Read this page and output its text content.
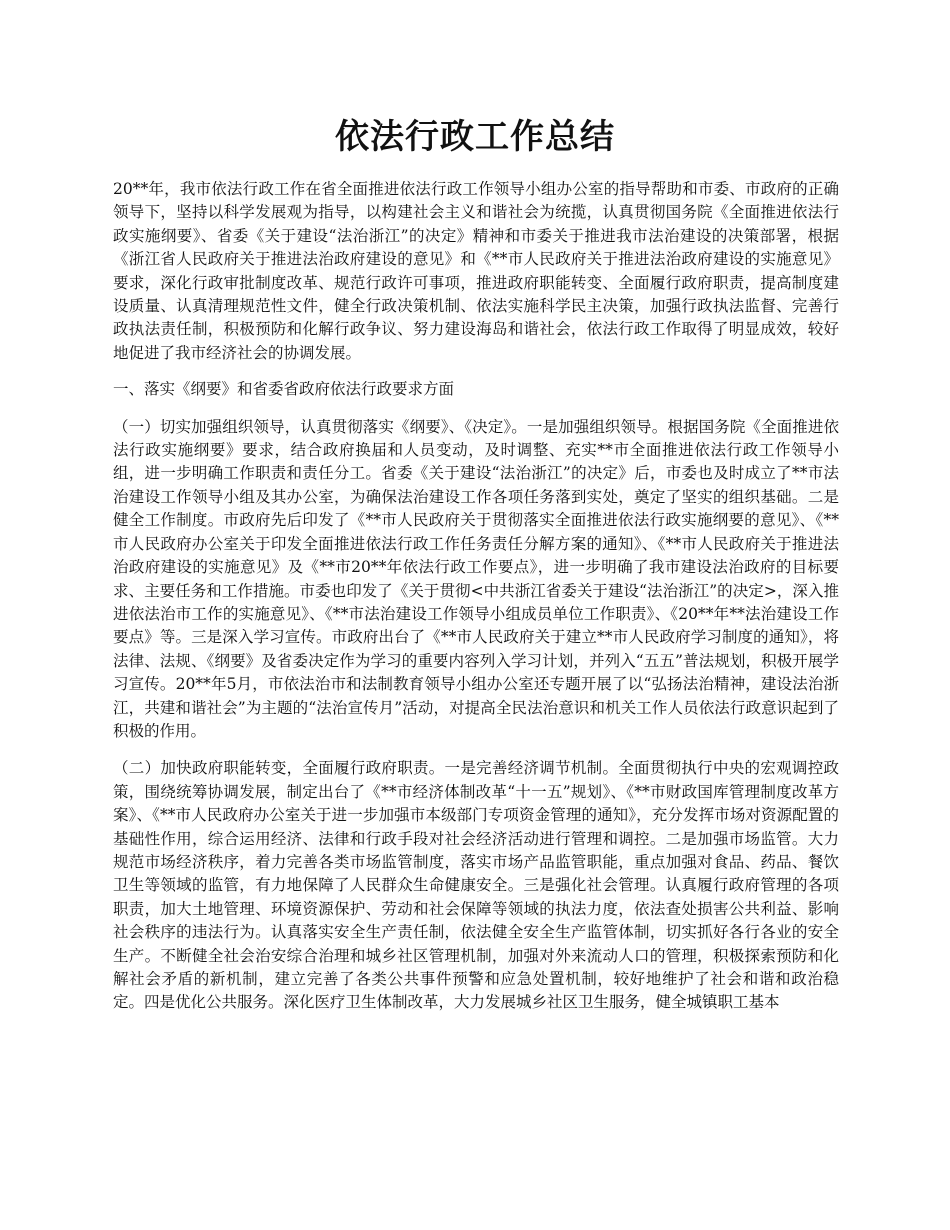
依法行政工作总结

20**年，我市依法行政工作在省全面推进依法行政工作领导小组办公室的指导帮助和市委、市政府的正确领导下，坚持以科学发展观为指导，以构建社会主义和谐社会为统揽，认真贯彻国务院《全面推进依法行政实施纲要》、省委《关于建设“法治浙江”的决定》精神和市委关于推进我市法治建设的决策部署，根据《浙江省人民政府关于推进法治政府建设的意见》和《**市人民政府关于推进法治政府建设的实施意见》要求，深化行政审批制度改革、规范行政许可事项，推进政府职能转变、全面履行政府职责，提高制度建设质量、认真清理规范性文件，健全行政决策机制、依法实施科学民主决策，加强行政执法监督、完善行政执法责任制，积极预防和化解行政争议、努力建设海岛和谐社会，依法行政工作取得了明显成效，较好地促进了我市经济社会的协调发展。

一、落实《纲要》和省委省政府依法行政要求方面

（一）切实加强组织领导，认真贯彻落实《纲要》、《决定》。一是加强组织领导。根据国务院《全面推进依法行政实施纲要》要求，结合政府换届和人员变动，及时调整、充实**市全面推进依法行政工作领导小组，进一步明确工作职责和责任分工。省委《关于建设“法治浙江”的决定》后，市委也及时成立了**市法治建设工作领导小组及其办公室，为确保法治建设工作各项任务落到实处，奠定了坚实的组织基础。二是健全工作制度。市政府先后印发了《**市人民政府关于贯彻落实全面推进依法行政实施纲要的意见》、《**市人民政府办公室关于印发全面推进依法行政工作任务责任分解方案的通知》、《**市人民政府关于推进法治政府建设的实施意见》及《**市20**年依法行政工作要点》，进一步明确了我市建设法治政府的目标要求、主要任务和工作措施。市委也印发了《关于贯彻<中共浙江省委关于建设“法治浙江”的决定>，深入推进依法治市工作的实施意见》、《**市法治建设工作领导小组成员单位工作职责》、《20**年**法治建设工作要点》等。三是深入学习宣传。市政府出台了《**市人民政府关于建立**市人民政府学习制度的通知》，将法律、法规、《纲要》及省委决定作为学习的重要内容列入学习计划，并列入“五五”普法规划，积极开展学习宣传。20**年5月，市依法治市和法制教育领导小组办公室还专题开展了以“弘扬法治精神，建设法治浙江，共建和谐社会”为主题的“法治宣传月”活动，对提高全民法治意识和机关工作人员依法行政意识起到了积极的作用。

（二）加快政府职能转变，全面履行政府职责。一是完善经济调节机制。全面贯彻执行中央的宏观调控政策，围绕统筹协调发展，制定出台了《**市经济体制改革“十一五”规划》、《**市财政国库管理制度改革方案》、《**市人民政府办公室关于进一步加强市本级部门专项资金管理的通知》，充分发挥市场对资源配置的基础性作用，综合运用经济、法律和行政手段对社会经济活动进行管理和调控。二是加强市场监管。大力规范市场经济秩序，着力完善各类市场监管制度，落实市场产品监管职能，重点加强对食品、药品、餐饮卫生等领域的监管，有力地保障了人民群众生命健康安全。三是强化社会管理。认真履行政府管理的各项职责，加大土地管理、环境资源保护、劳动和社会保障等领域的执法力度，依法查处损害公共利益、影响社会秩序的违法行为。认真落实安全生产责任制，依法健全安全生产监管体制，切实抓好各行各业的安全生产。不断健全社会治安综合治理和城乡社区管理机制，加强对外来流动人口的管理，积极探索预防和化解社会矛盾的新机制，建立完善了各类公共事件预警和应急处置机制，较好地维护了社会和谐和政治稳定。四是优化公共服务。深化医疗卫生体制改革，大力发展城乡社区卫生服务，健全城镇职工基本
